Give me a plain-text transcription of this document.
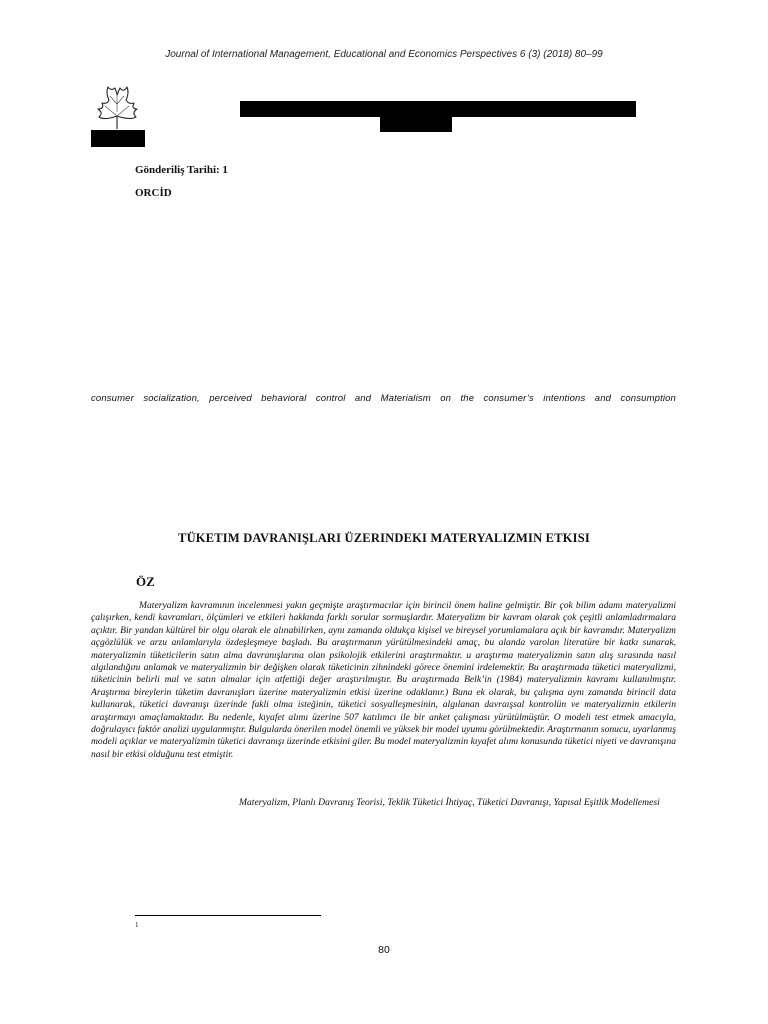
Journal of International Management, Educational and Economics Perspectives 6 (3) (2018) 80–99
Gönderiliş Tarihi: 1
ORCİD
consumer socialization, perceived behavioral control and Materialism on the consumer’s intentions and consumption
TÜKETIM DAVRANIŞLARI ÜZERINDEKI MATERYALIZMIN ETKISI
ÖZ

Materyalizm kavramının incelenmesi yakın geçmişte araştırmacılar için birincil önem haline gelmiştir. Bir çok bilim adamı materyalizmi çalışırken, kendi kavramları, ölçümleri ve etkileri hakkında farklı sorular sormuşlardır. Materyalizm bir kavram olarak çok çeşitli anlamladırmalara açıktır. Bir yandan kültürel bir olgu olarak ele alınabilirken, aynı zamanda oldukça kişisel ve bireysel yorumlamalara açık bir kavramdır. Materyalizm açgözlülük ve arzu anlamlarıyla özdeşleşmeye başladı. Bu araştırmanın yürütülmesindeki amaç, bu alanda varolan literatüre bir katkı sunarak, materyalizmin tüketicilerin satın alma davranışlarına olan psikolojik etkilerini araştırmaktır. u araştırma materyalizmin satın alış sırasında nasıl algılandığını anlamak ve materyalizmin bir değişken olarak tüketicinin zihnindeki görece önemini irdelemektir. Bu araştırmada tüketici materyalizmi, tüketicinin belirli mal ve satın almalar için atfettiği değer araştırılmıştır. Bu araştırmada Belk’in (1984) materyalizmin kavramı kullanılmıştır. Araştırma bireylerin tüketim davranışları üzerine materyalizmin etkisi üzerine odaklanır.) Buna ek olarak, bu çalışma aynı zamanda birincil data kullanarak, tüketici davranışı üzerinde fakli olma isteğinin, tüketici sosyalleşmesinin, algılanan davraışsal kontrolün ve materyalizmin etkilerin araştırmayı amaçlamaktadır. Bu nedenle, kıyafet alımı üzerine 507 katılımcı ile bir anket çalışması yürütülmüştür. O modeli test etmek amacıyla, doğrulayıcı faktör analizi uygulanmıştır. Bulgularda önerilen model önemli ve yüksek bir model uyumu görülmektedir. Araştırmanın sonucu, uyarlanmış modeli açıklar ve materyalizmin tüketici davranışı üzerinde etkisini giler. Bu model materyalizmin kıyafet alımı konusunda tüketici niyeti ve davranışına nasıl bir etkisi olduğunu test etmiştir.

Materyalizm, Planlı Davranış Teorisi, Teklik Tüketici İhtiyaç, Tüketici Davranışı, Yapısal Eşitlik Modellemesi
1
80
